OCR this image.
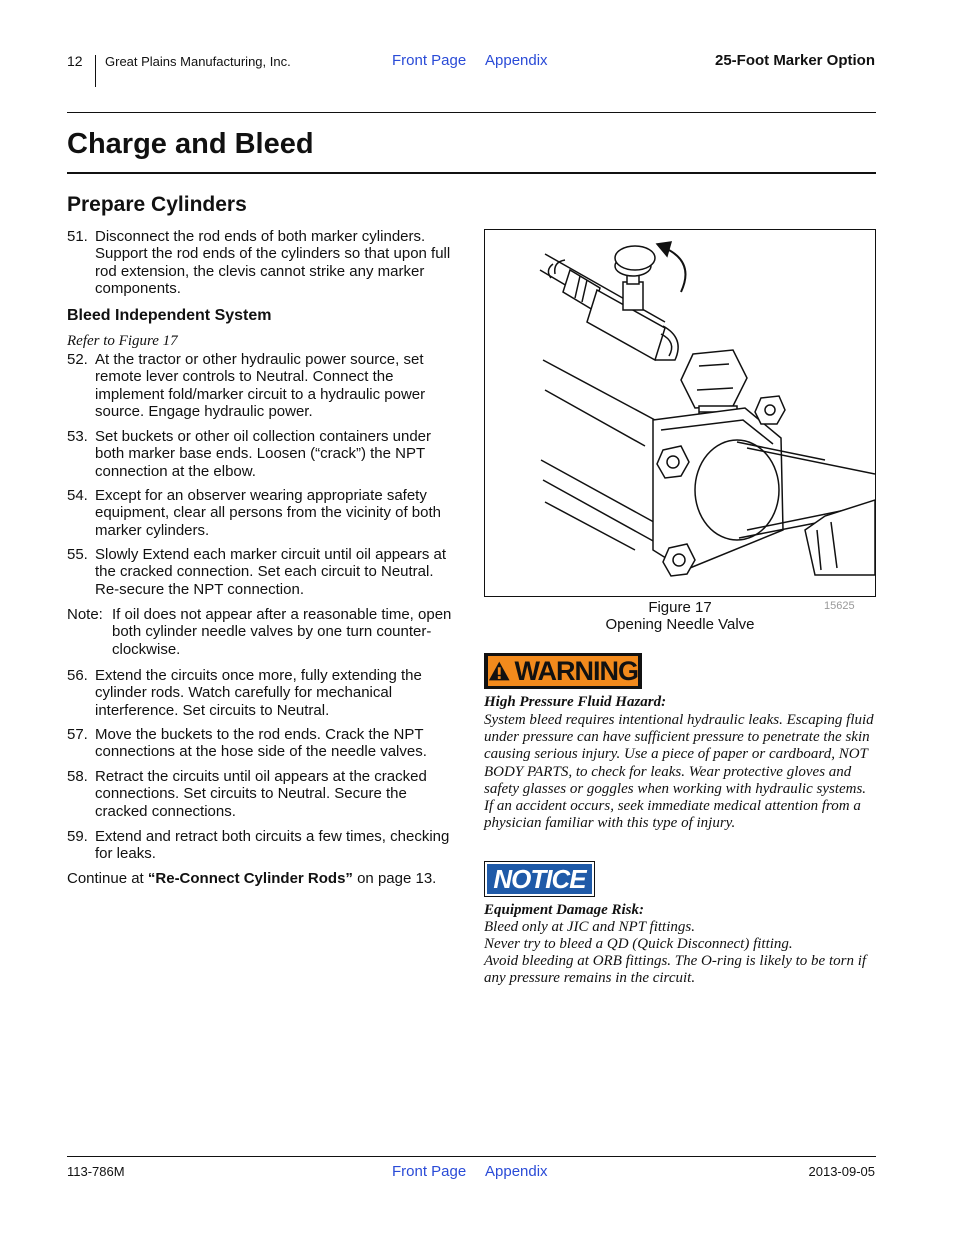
12 Great Plains Manufacturing, Inc.	Front Page Appendix	25-Foot Marker Option
Charge and Bleed
Prepare Cylinders
51. Disconnect the rod ends of both marker cylinders. Support the rod ends of the cylinders so that upon full rod extension, the clevis cannot strike any marker components.
Bleed Independent System
Refer to Figure 17
52. At the tractor or other hydraulic power source, set remote lever controls to Neutral. Connect the implement fold/marker circuit to a hydraulic power source. Engage hydraulic power.
53. Set buckets or other oil collection containers under both marker base ends. Loosen (“crack”) the NPT connection at the elbow.
54. Except for an observer wearing appropriate safety equipment, clear all persons from the vicinity of both marker cylinders.
55. Slowly Extend each marker circuit until oil appears at the cracked connection. Set each circuit to Neutral. Re-secure the NPT connection.
Note: If oil does not appear after a reasonable time, open both cylinder needle valves by one turn counter-clockwise.
56. Extend the circuits once more, fully extending the cylinder rods. Watch carefully for mechanical interference. Set circuits to Neutral.
57. Move the buckets to the rod ends. Crack the NPT connections at the hose side of the needle valves.
58. Retract the circuits until oil appears at the cracked connections. Set circuits to Neutral. Secure the cracked connections.
59. Extend and retract both circuits a few times, checking for leaks.
Continue at “Re-Connect Cylinder Rods” on page 13.
Figure 17	15625
Opening Needle Valve
WARNING
High Pressure Fluid Hazard:
System bleed requires intentional hydraulic leaks. Escaping fluid under pressure can have sufficient pressure to penetrate the skin causing serious injury. Use a piece of paper or cardboard, NOT BODY PARTS, to check for leaks. Wear protective gloves and safety glasses or goggles when working with hydraulic systems. If an accident occurs, seek immediate medical attention from a physician familiar with this type of injury.
NOTICE
Equipment Damage Risk:
Bleed only at JIC and NPT fittings.
Never try to bleed a QD (Quick Disconnect) fitting.
Avoid bleeding at ORB fittings. The O-ring is likely to be torn if any pressure remains in the circuit.
113-786M	Front Page Appendix	2013-09-05
